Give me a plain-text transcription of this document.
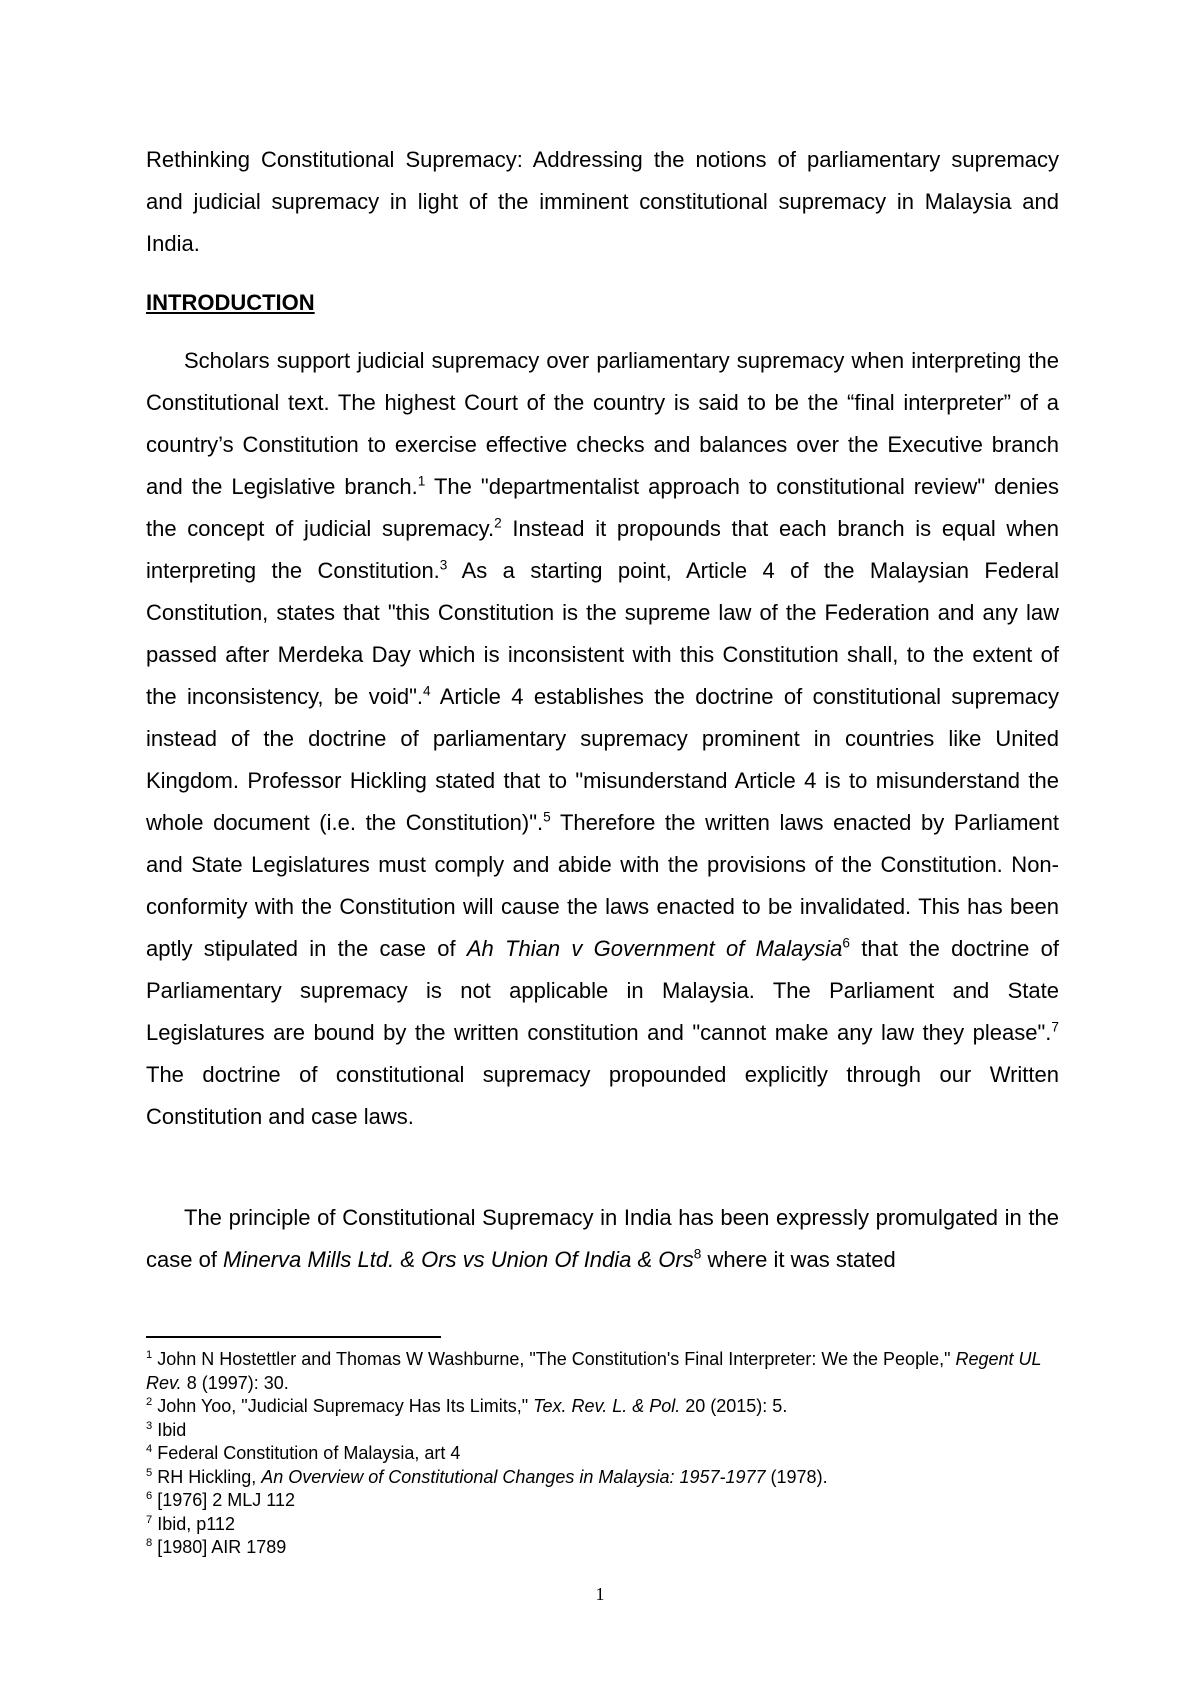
Rethinking Constitutional Supremacy: Addressing the notions of parliamentary supremacy and judicial supremacy in light of the imminent constitutional supremacy in Malaysia and India.
INTRODUCTION
Scholars support judicial supremacy over parliamentary supremacy when interpreting the Constitutional text. The highest Court of the country is said to be the “final interpreter” of a country’s Constitution to exercise effective checks and balances over the Executive branch and the Legislative branch.$^1$ The "departmentalist approach to constitutional review" denies the concept of judicial supremacy.$^2$ Instead it propounds that each branch is equal when interpreting the Constitution.$^3$ As a starting point, Article 4 of the Malaysian Federal Constitution, states that "this Constitution is the supreme law of the Federation and any law passed after Merdeka Day which is inconsistent with this Constitution shall, to the extent of the inconsistency, be void".$^4$ Article 4 establishes the doctrine of constitutional supremacy instead of the doctrine of parliamentary supremacy prominent in countries like United Kingdom. Professor Hickling stated that to "misunderstand Article 4 is to misunderstand the whole document (i.e. the Constitution)".$^5$ Therefore the written laws enacted by Parliament and State Legislatures must comply and abide with the provisions of the Constitution. Non-conformity with the Constitution will cause the laws enacted to be invalidated. This has been aptly stipulated in the case of Ah Thian v Government of Malaysia$^6$ that the doctrine of Parliamentary supremacy is not applicable in Malaysia. The Parliament and State Legislatures are bound by the written constitution and "cannot make any law they please".$^7$ The doctrine of constitutional supremacy propounded explicitly through our Written Constitution and case laws.
The principle of Constitutional Supremacy in India has been expressly promulgated in the case of Minerva Mills Ltd. & Ors vs Union Of India & Ors$^8$ where it was stated
$^1$ John N Hostettler and Thomas W Washburne, "The Constitution's Final Interpreter: We the People," Regent UL Rev. 8 (1997): 30.
$^2$ John Yoo, "Judicial Supremacy Has Its Limits," Tex. Rev. L. & Pol. 20 (2015): 5.
$^3$ Ibid
$^4$ Federal Constitution of Malaysia, art 4
$^5$ RH Hickling, An Overview of Constitutional Changes in Malaysia: 1957-1977 (1978).
$^6$ [1976] 2 MLJ 112
$^7$ Ibid, p112
$^8$ [1980] AIR 1789
1
